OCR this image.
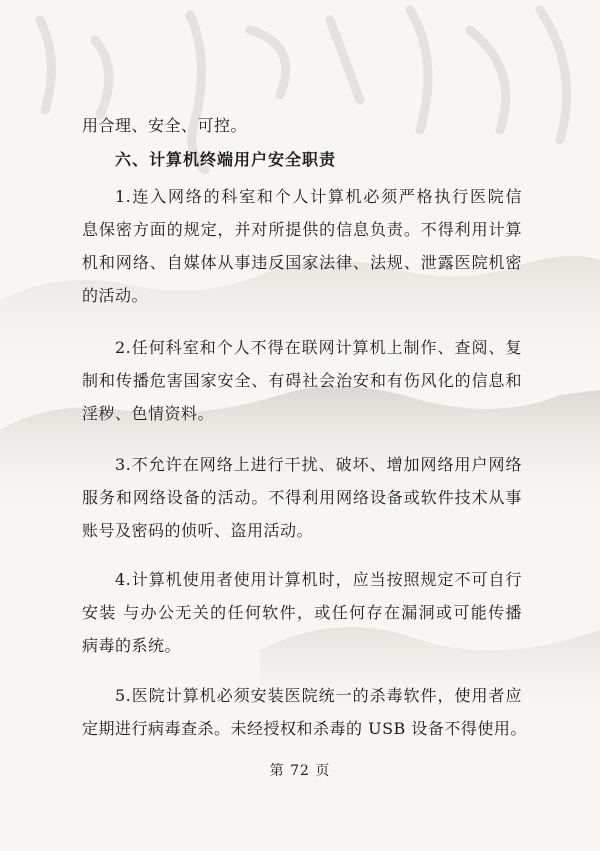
用合理、安全、可控。
六、计算机终端用户安全职责
1.连入网络的科室和个人计算机必须严格执行医院信
息保密方面的规定，并对所提供的信息负责。不得利用计算
机和网络、自媒体从事违反国家法律、法规、泄露医院机密
的活动。
2.任何科室和个人不得在联网计算机上制作、查阅、复
制和传播危害国家安全、有碍社会治安和有伤风化的信息和
淫秽、色情资料。
3.不允许在网络上进行干扰、破坏、增加网络用户网络
服务和网络设备的活动。不得利用网络设备或软件技术从事
账号及密码的侦听、盗用活动。
4.计算机使用者使用计算机时，应当按照规定不可自行
安装 与办公无关的任何软件，或任何存在漏洞或可能传播
病毒的系统。
5.医院计算机必须安装医院统一的杀毒软件，使用者应
定期进行病毒查杀。未经授权和杀毒的 USB 设备不得使用。
第 72 页
